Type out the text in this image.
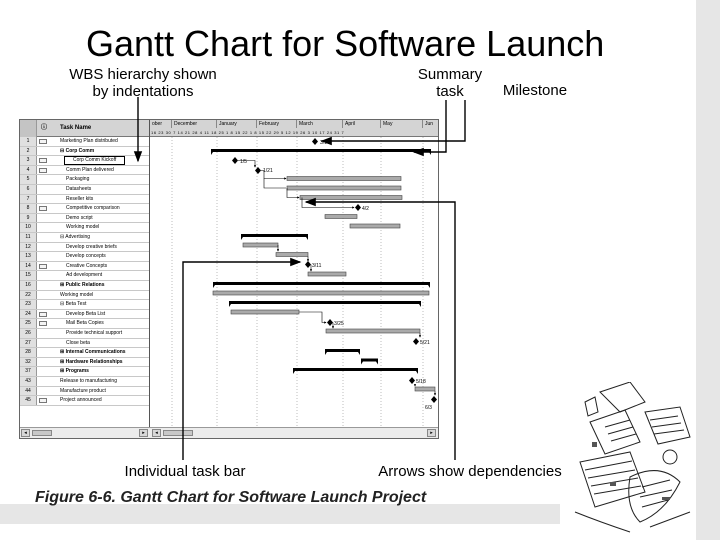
Gantt Chart for Software Launch
WBS hierarchy shown
by indentations
Summary
task	Milestone
Individual task bar	Arrows show dependencies
Figure 6-6. Gantt Chart for Software Launch Project
ⓘ	Task Name
ober	December	January	February	March	April	May	Jun
16 23 30 7 14 21 28 4 11 18 25 1 8 15 22 1 8 15 22 29 5 12 19 26 3 10 17 24 31 7
1	Marketing Plan distributed
2	⊟ Corp Comm
3	Corp Comm Kickoff
4	Comm Plan delivered
5	Packaging
6	Datasheets
7	Reseller kits
8	Competitive comparison
9	Demo script
10	Working model
11	⊟ Advertising
12	Develop creative briefs
13	Develop concepts
14	Creative Concepts
15	Ad development
16	⊞ Public Relations
22	Working model
23	⊟ Beta Test
24	Develop Beta List
25	Mail Beta Copies
26	Provide technical support
27	Close beta
28	⊞ Internal Communications
32	⊞ Hardware Relationships
37	⊞ Programs
43	Release to manufacturing
44	Manufacture product
45	Project announced
3/17
1/5
1/21
4/2
3/11
3/25
5/21
5/18
6/3
◂	▸	◂	▸
